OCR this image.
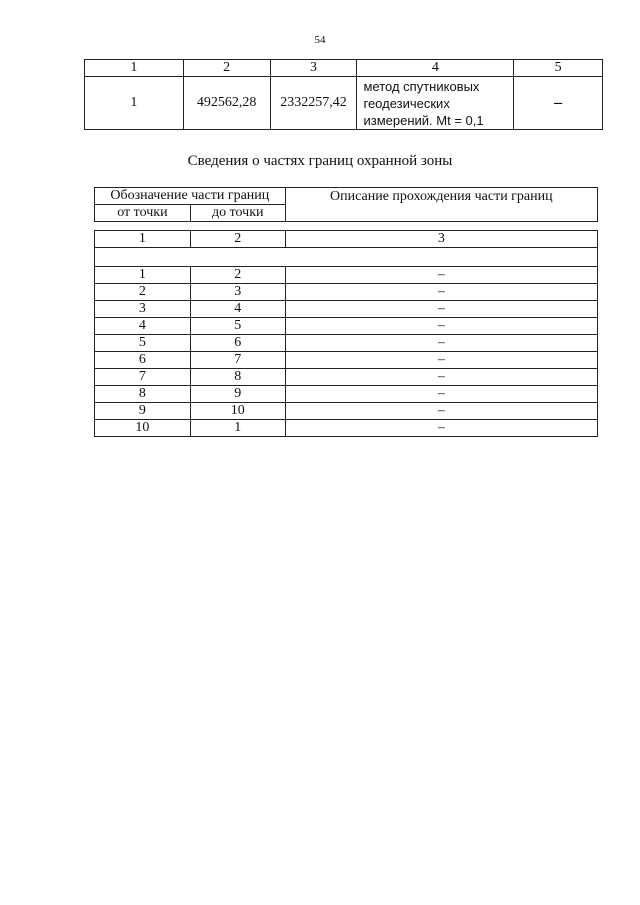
54
1	2	3	4	5
1	492562,28	2332257,42	метод спутниковых
геодезических
измерений. Mt = 0,1	–
Сведения о частях границ охранной зоны
Обозначение части границ		Описание прохождения части границ
от точки	до точки	

1	2	3

1	2	–
2	3	–
3	4	–
4	5	–
5	6	–
6	7	–
7	8	–
8	9	–
9	10	–
10	1	–
